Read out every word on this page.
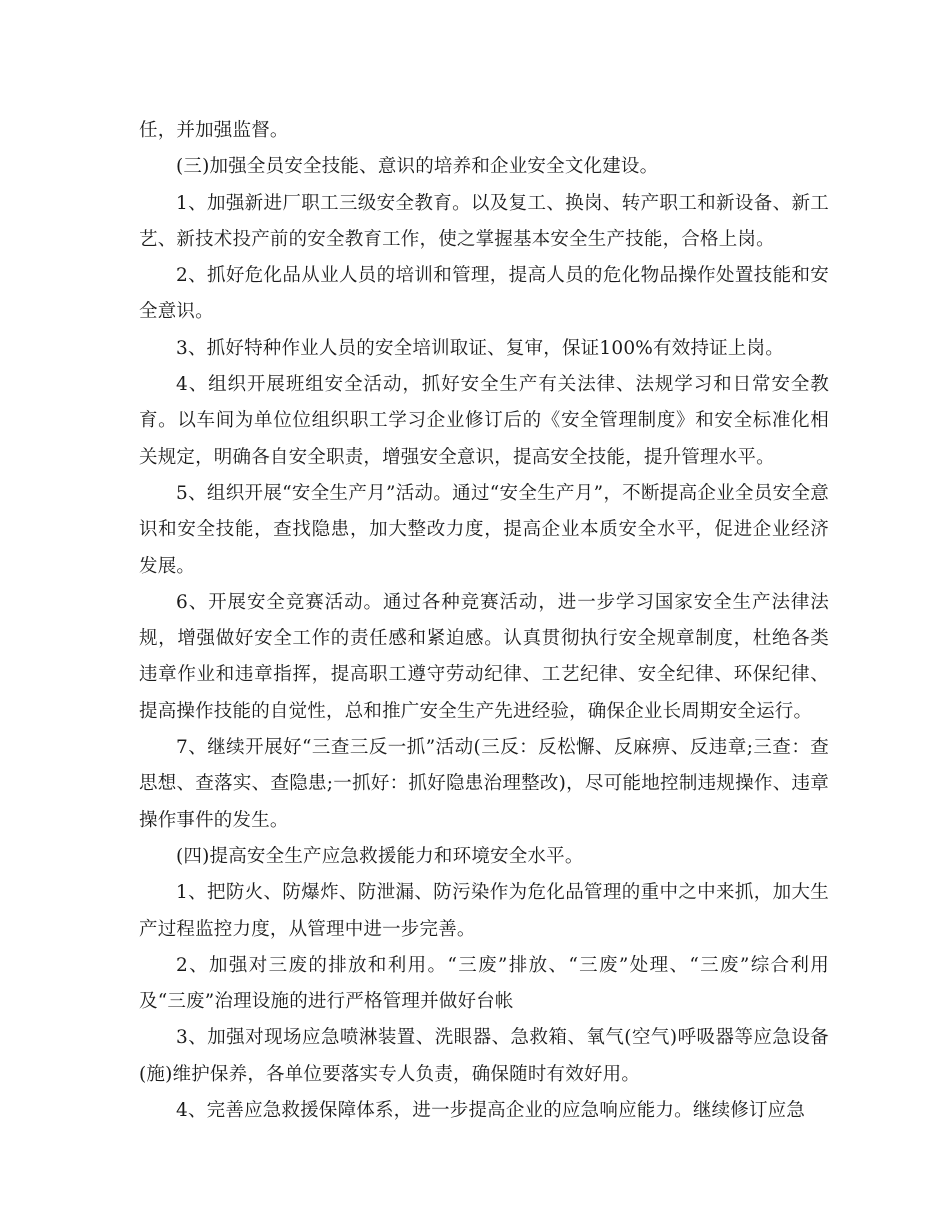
任，并加强监督。

(三)加强全员安全技能、意识的培养和企业安全文化建设。

1、加强新进厂职工三级安全教育。以及复工、换岗、转产职工和新设备、新工艺、新技术投产前的安全教育工作，使之掌握基本安全生产技能，合格上岗。

2、抓好危化品从业人员的培训和管理，提高人员的危化物品操作处置技能和安全意识。

3、抓好特种作业人员的安全培训取证、复审，保证100%有效持证上岗。

4、组织开展班组安全活动，抓好安全生产有关法律、法规学习和日常安全教育。以车间为单位位组织职工学习企业修订后的《安全管理制度》和安全标准化相关规定，明确各自安全职责，增强安全意识，提高安全技能，提升管理水平。

5、组织开展“安全生产月”活动。通过“安全生产月”，不断提高企业全员安全意识和安全技能，查找隐患，加大整改力度，提高企业本质安全水平，促进企业经济发展。

6、开展安全竞赛活动。通过各种竞赛活动，进一步学习国家安全生产法律法规，增强做好安全工作的责任感和紧迫感。认真贯彻执行安全规章制度，杜绝各类违章作业和违章指挥，提高职工遵守劳动纪律、工艺纪律、安全纪律、环保纪律、提高操作技能的自觉性，总和推广安全生产先进经验，确保企业长周期安全运行。

7、继续开展好“三查三反一抓”活动(三反：反松懈、反麻痹、反违章;三查：查思想、查落实、查隐患;一抓好：抓好隐患治理整改)，尽可能地控制违规操作、违章操作事件的发生。

(四)提高安全生产应急救援能力和环境安全水平。

1、把防火、防爆炸、防泄漏、防污染作为危化品管理的重中之中来抓，加大生产过程监控力度，从管理中进一步完善。

2、加强对三废的排放和利用。“三废”排放、“三废”处理、“三废”综合利用及“三废”治理设施的进行严格管理并做好台帐

3、加强对现场应急喷淋装置、洗眼器、急救箱、氧气(空气)呼吸器等应急设备(施)维护保养，各单位要落实专人负责，确保随时有效好用。

4、完善应急救援保障体系，进一步提高企业的应急响应能力。继续修订应急
